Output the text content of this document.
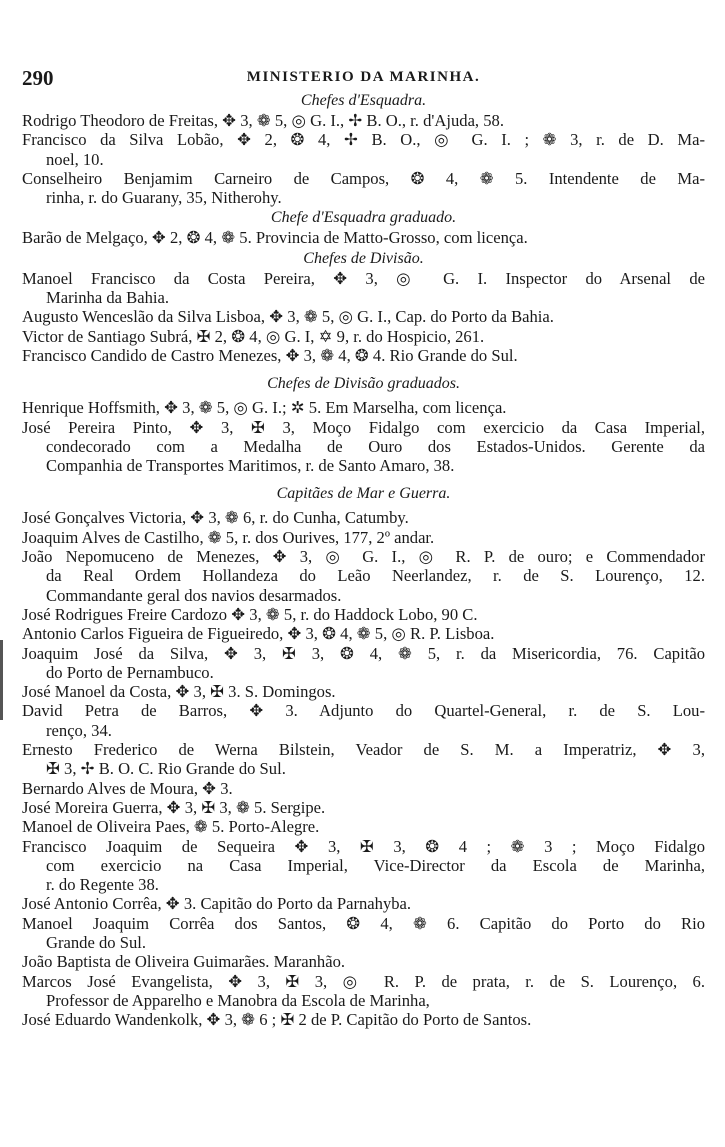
290	MINISTERIO DA MARINHA.
Chefes d'Esquadra.
Rodrigo Theodoro de Freitas, ✥ 3, ❁ 5, ◎ G. I., ✢ B. O., r. d'Ajuda, 58.
Francisco da Silva Lobão, ✥ 2, ❂ 4, ✢ B. O., ◎ G. I. ; ❁ 3, r. de D. Ma-
noel, 10.
Conselheiro Benjamim Carneiro de Campos, ❂ 4, ❁ 5. Intendente de Ma-
rinha, r. do Guarany, 35, Nitherohy.
Chefe d'Esquadra graduado.
Barão de Melgaço, ✥ 2, ❂ 4, ❁ 5. Provincia de Matto-Grosso, com licença.
Chefes de Divisão.
Manoel Francisco da Costa Pereira, ✥ 3, ◎ G. I. Inspector do Arsenal de
Marinha da Bahia.
Augusto Wenceslão da Silva Lisboa, ✥ 3, ❁ 5, ◎ G. I., Cap. do Porto da Bahia.
Victor de Santiago Subrá, ✠ 2, ❂ 4, ◎ G. I, ✡ 9, r. do Hospicio, 261.
Francisco Candido de Castro Menezes, ✥ 3, ❁ 4, ❂ 4. Rio Grande do Sul.
Chefes de Divisão graduados.
Henrique Hoffsmith, ✥ 3, ❁ 5, ◎ G. I.; ✲ 5. Em Marselha, com licença.
José Pereira Pinto, ✥ 3, ✠ 3, Moço Fidalgo com exercicio da Casa Imperial,
condecorado com a Medalha de Ouro dos Estados-Unidos. Gerente da
Companhia de Transportes Maritimos, r. de Santo Amaro, 38.
Capitães de Mar e Guerra.
José Gonçalves Victoria, ✥ 3, ❁ 6, r. do Cunha, Catumby.
Joaquim Alves de Castilho, ❁ 5, r. dos Ourives, 177, 2º andar.
João Nepomuceno de Menezes, ✥ 3, ◎ G. I., ◎ R. P. de ouro; e Commendador
da Real Ordem Hollandeza do Leão Neerlandez, r. de S. Lourenço, 12.
Commandante geral dos navios desarmados.
José Rodrigues Freire Cardozo ✥ 3, ❁ 5, r. do Haddock Lobo, 90 C.
Antonio Carlos Figueira de Figueiredo, ✥ 3, ❂ 4, ❁ 5, ◎ R. P. Lisboa.
Joaquim José da Silva, ✥ 3, ✠ 3, ❂ 4, ❁ 5, r. da Misericordia, 76. Capitão
do Porto de Pernambuco.
José Manoel da Costa, ✥ 3, ✠ 3. S. Domingos.
David Petra de Barros, ✥ 3. Adjunto do Quartel-General, r. de S. Lou-
renço, 34.
Ernesto Frederico de Werna Bilstein, Veador de S. M. a Imperatriz, ✥ 3,
✠ 3, ✢ B. O. C. Rio Grande do Sul.
Bernardo Alves de Moura, ✥ 3.
José Moreira Guerra, ✥ 3, ✠ 3, ❁ 5. Sergipe.
Manoel de Oliveira Paes, ❁ 5. Porto-Alegre.
Francisco Joaquim de Sequeira ✥ 3, ✠ 3, ❂ 4 ; ❁ 3 ; Moço Fidalgo
com exercicio na Casa Imperial, Vice-Director da Escola de Marinha,
r. do Regente 38.
José Antonio Corrêa, ✥ 3. Capitão do Porto da Parnahyba.
Manoel Joaquim Corrêa dos Santos, ❂ 4, ❁ 6. Capitão do Porto do Rio
Grande do Sul.
João Baptista de Oliveira Guimarães. Maranhão.
Marcos José Evangelista, ✥ 3, ✠ 3, ◎ R. P. de prata, r. de S. Lourenço, 6.
Professor de Apparelho e Manobra da Escola de Marinha,
José Eduardo Wandenkolk, ✥ 3, ❁ 6 ; ✠ 2 de P. Capitão do Porto de Santos.
